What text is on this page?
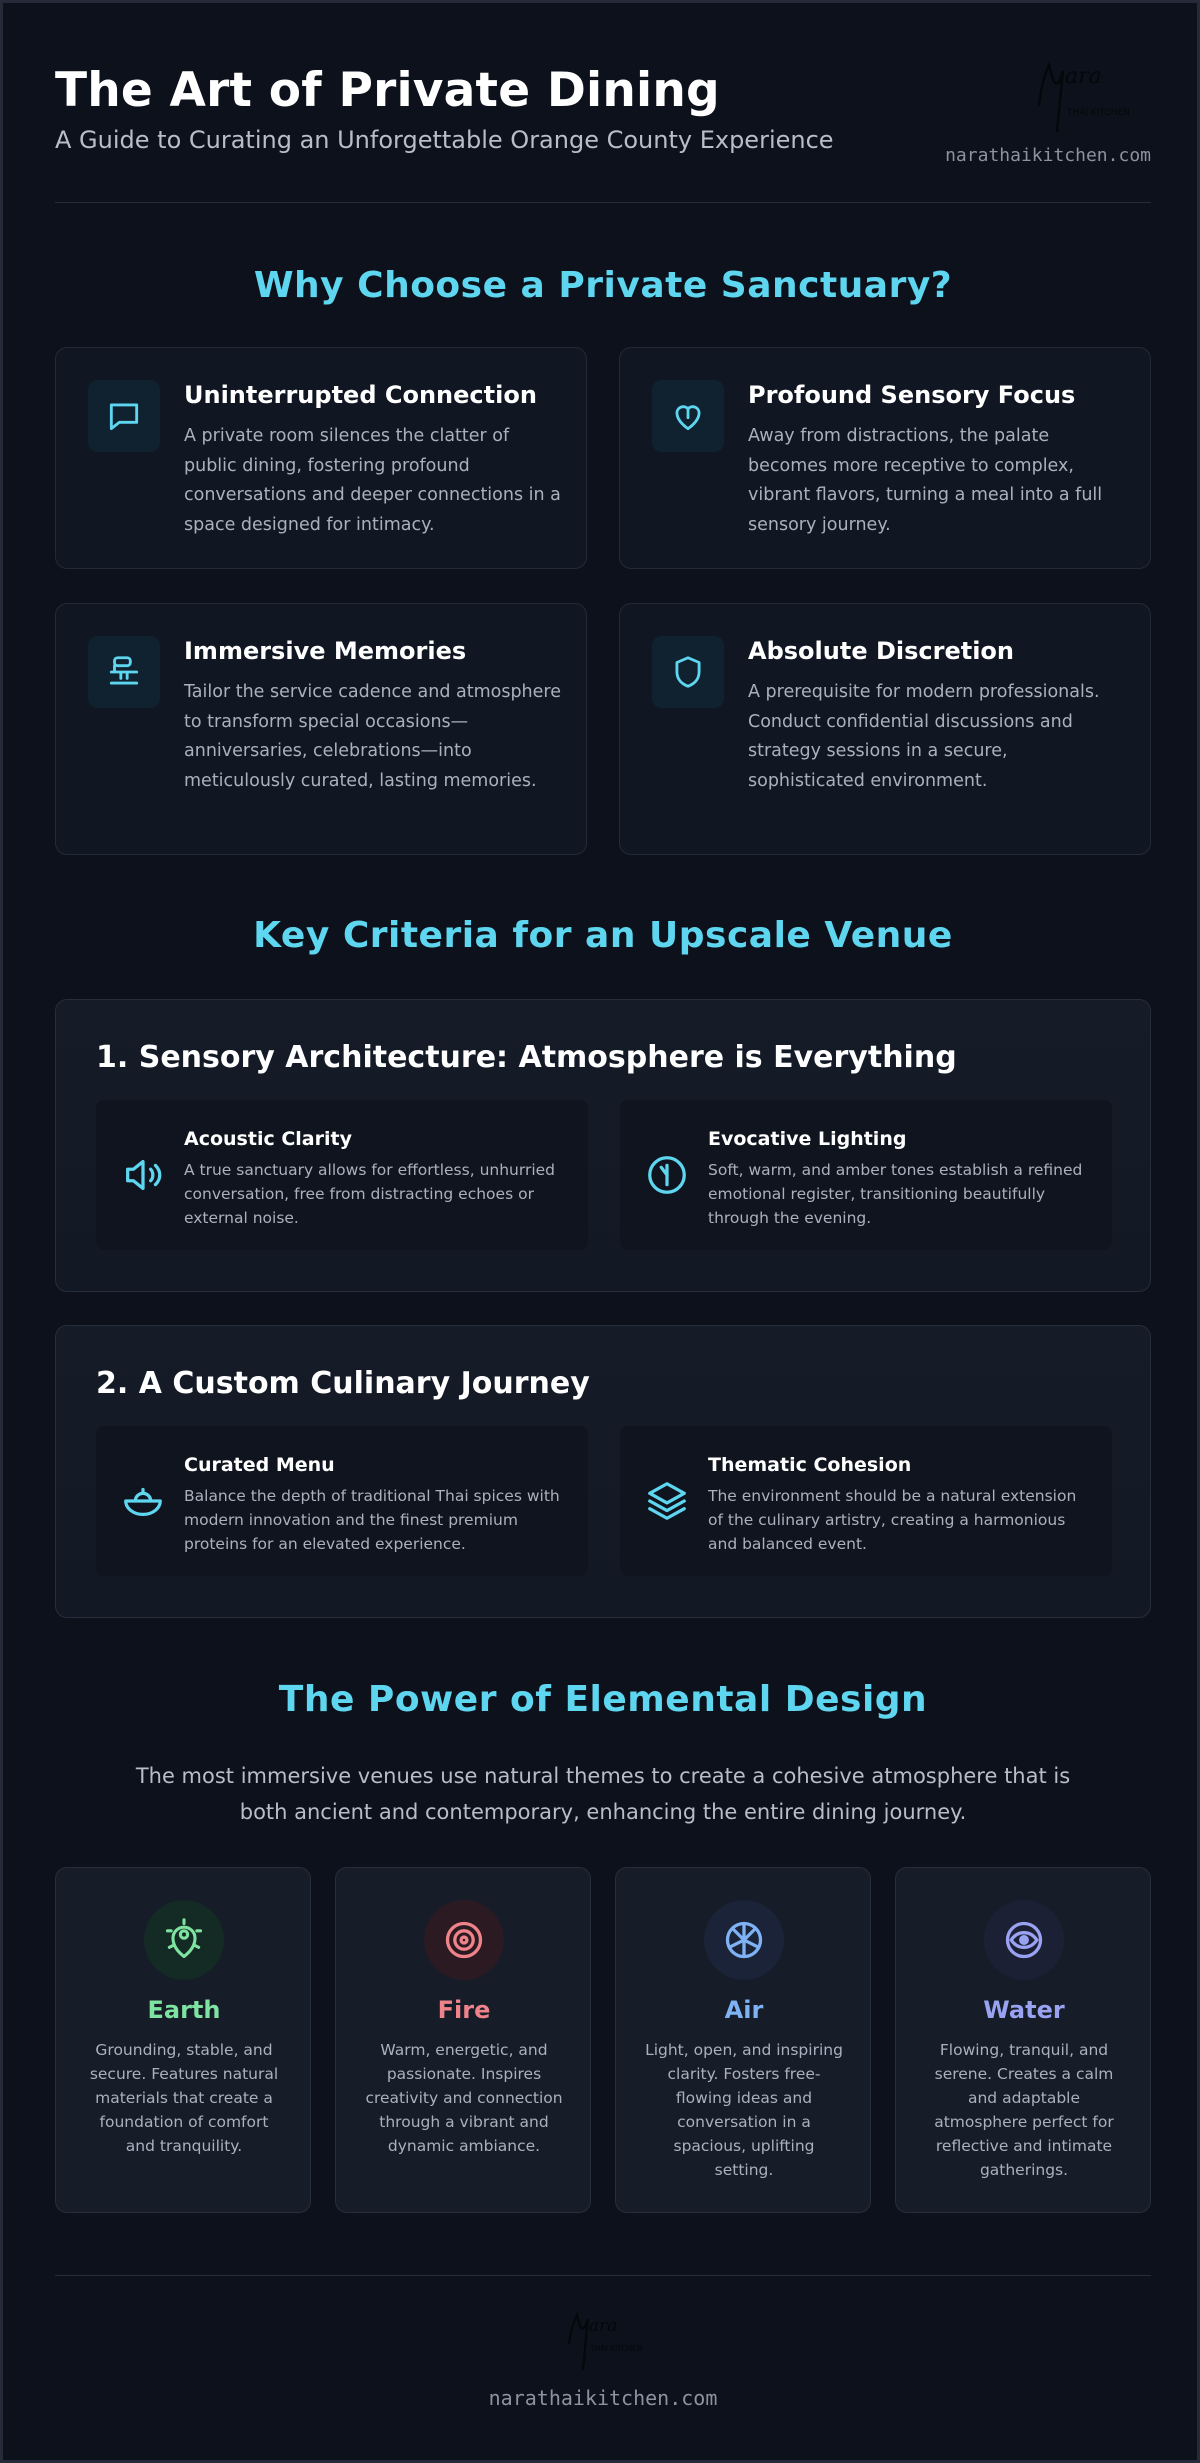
The Art of Private Dining
A Guide to Curating an Unforgettable Orange County Experience
ara
THAI KITCHEN
narathaikitchen.com
Why Choose a Private Sanctuary?
Uninterrupted Connection
A private room silences the clatter of public dining, fostering profound conversations and deeper connections in a space designed for intimacy.
Profound Sensory Focus
Away from distractions, the palate becomes more receptive to complex, vibrant flavors, turning a meal into a full sensory journey.
Immersive Memories
Tailor the service cadence and atmosphere to transform special occasions—anniversaries, celebrations—into meticulously curated, lasting memories.
Absolute Discretion
A prerequisite for modern professionals. Conduct confidential discussions and strategy sessions in a secure, sophisticated environment.
Key Criteria for an Upscale Venue
1. Sensory Architecture: Atmosphere is Everything
Acoustic Clarity
A true sanctuary allows for effortless, unhurried conversation, free from distracting echoes or external noise.
Evocative Lighting
Soft, warm, and amber tones establish a refined emotional register, transitioning beautifully through the evening.
2. A Custom Culinary Journey
Curated Menu
Balance the depth of traditional Thai spices with modern innovation and the finest premium proteins for an elevated experience.
Thematic Cohesion
The environment should be a natural extension of the culinary artistry, creating a harmonious and balanced event.
The Power of Elemental Design
The most immersive venues use natural themes to create a cohesive atmosphere that is both ancient and contemporary, enhancing the entire dining journey.
Earth
Grounding, stable, and secure. Features natural materials that create a foundation of comfort and tranquility.
Fire
Warm, energetic, and passionate. Inspires creativity and connection through a vibrant and dynamic ambiance.
Air
Light, open, and inspiring clarity. Fosters free-flowing ideas and conversation in a spacious, uplifting setting.
Water
Flowing, tranquil, and serene. Creates a calm and adaptable atmosphere perfect for reflective and intimate gatherings.
ara
THAI KITCHEN
narathaikitchen.com
